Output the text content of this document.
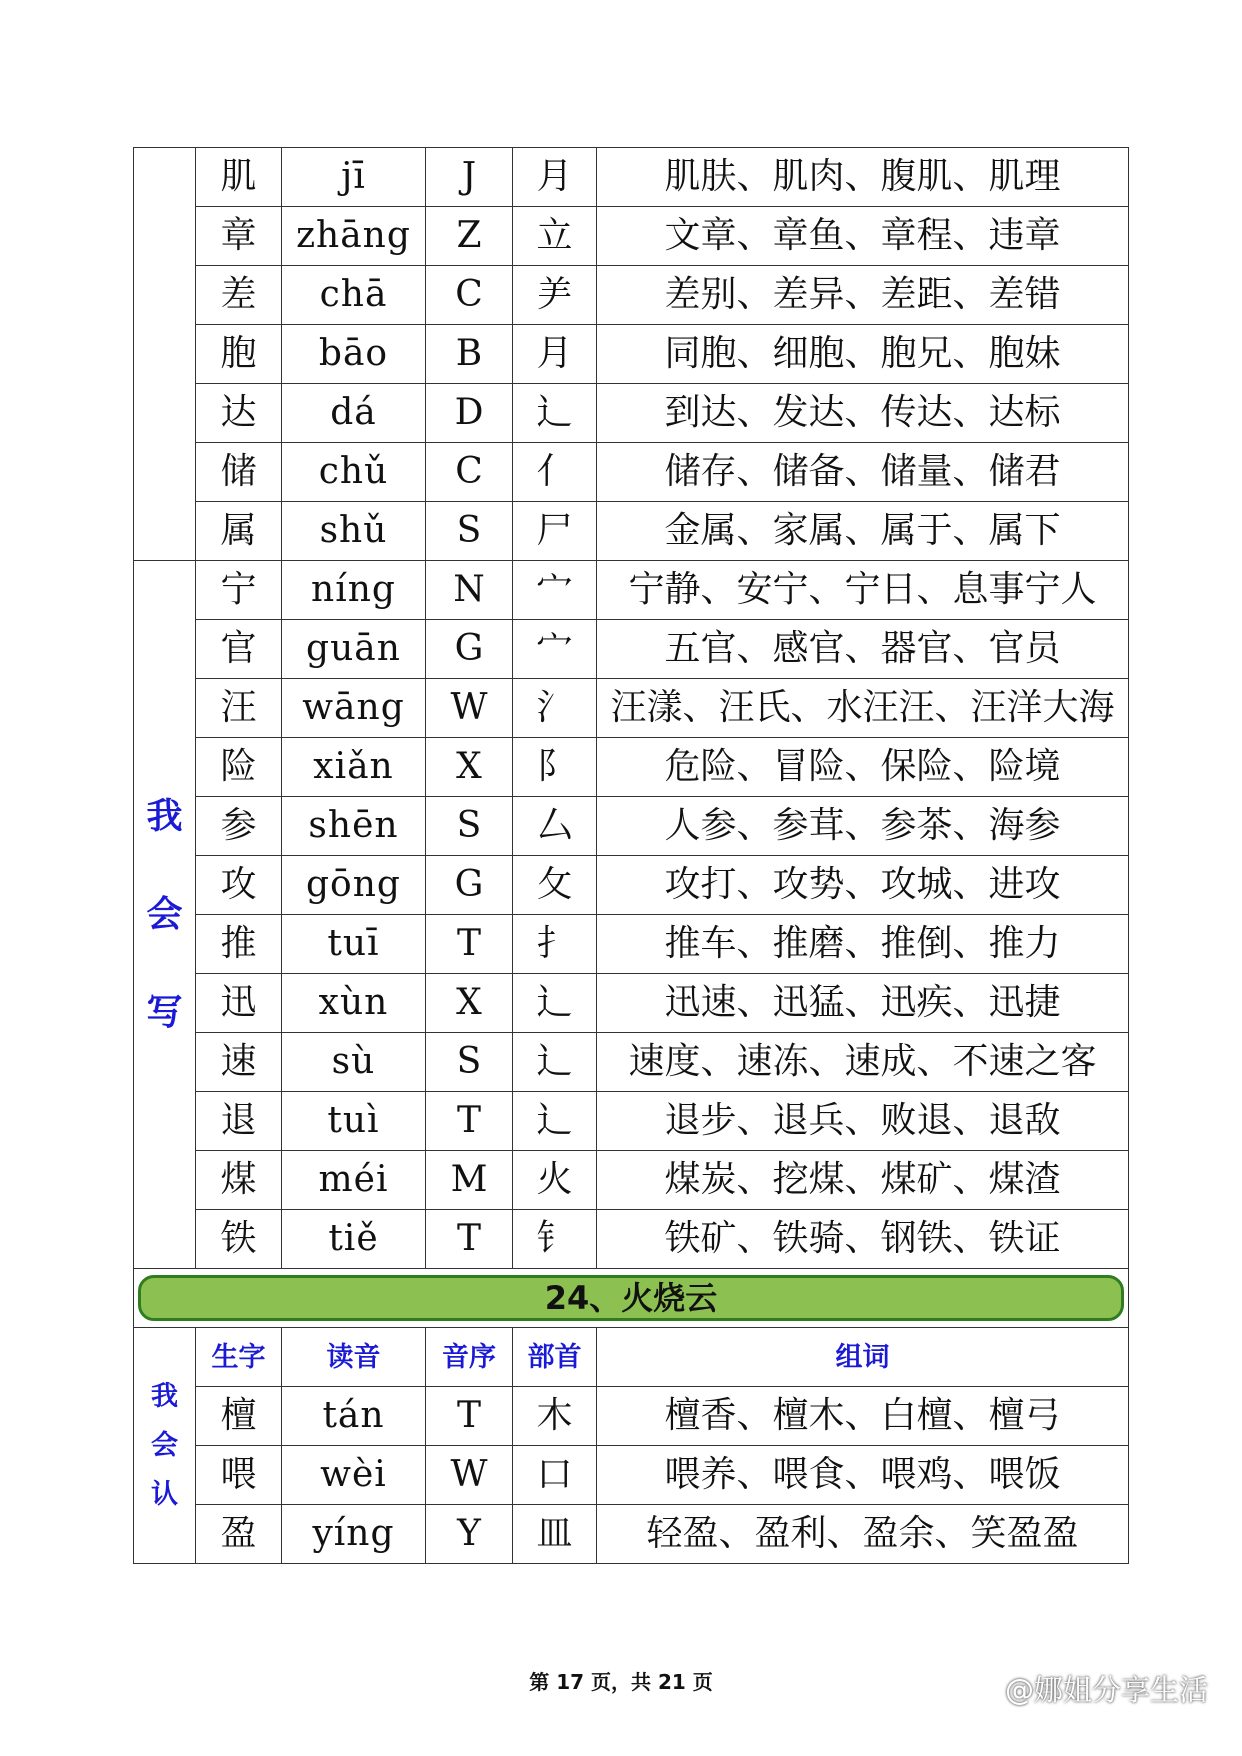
	肌	jī	J	月	肌肤、肌肉、腹肌、肌理
	章	zhāng	Z	立	文章、章鱼、章程、违章
	差	chā	C	⺶	差别、差异、差距、差错
	胞	bāo	B	月	同胞、细胞、胞兄、胞妹
	达	dá	D	辶	到达、发达、传达、达标
	储	chǔ	C	亻	储存、储备、储量、储君
	属	shǔ	S	尸	金属、家属、属于、属下

我
会
写	宁	níng	N	宀	宁静、安宁、宁日、息事宁人
	官	guān	G	宀	五官、感官、器官、官员
	汪	wāng	W	氵	汪漾、汪氏、水汪汪、汪洋大海
	险	xiǎn	X	阝	危险、冒险、保险、险境
	参	shēn	S	厶	人参、参茸、参茶、海参
	攻	gōng	G	攵	攻打、攻势、攻城、进攻
	推	tuī	T	扌	推车、推磨、推倒、推力
	迅	xùn	X	辶	迅速、迅猛、迅疾、迅捷
	速	sù	S	辶	速度、速冻、速成、不速之客
	退	tuì	T	辶	退步、退兵、败退、退敌
	煤	méi	M	火	煤炭、挖煤、煤矿、煤渣
	铁	tiě	T	钅	铁矿、铁骑、钢铁、铁证

24、火烧云					

我
会
认	生字	读音	音序	部首	组词
	檀	tán	T	木	檀香、檀木、白檀、檀弓
	喂	wèi	W	口	喂养、喂食、喂鸡、喂饭
	盈	yíng	Y	皿	轻盈、盈利、盈余、笑盈盈
第 17 页，共 21 页	@娜姐分享生活
